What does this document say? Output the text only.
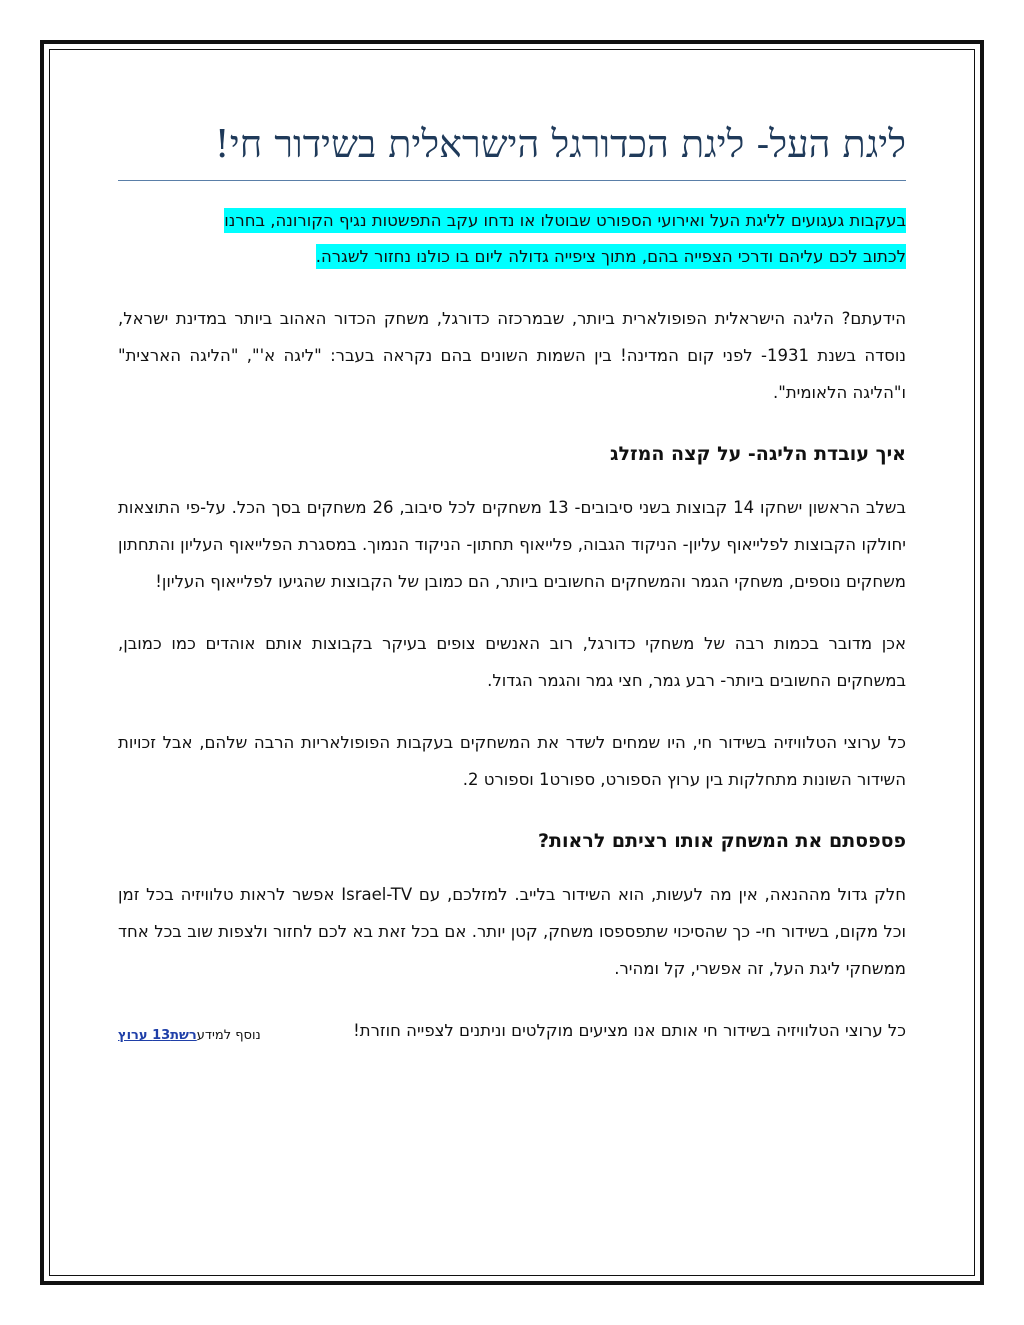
ליגת העל- ליגת הכדורגל הישראלית בשידור חי!
בעקבות געגועים לליגת העל ואירועי הספורט שבוטלו או נדחו עקב התפשטות נגיף הקורונה, בחרנו
לכתוב לכם עליהם ודרכי הצפייה בהם, מתוך ציפייה גדולה ליום בו כולנו נחזור לשגרה.

הידעתם? הליגה הישראלית הפופולארית ביותר, שבמרכזה כדורגל, משחק הכדור האהוב ביותר במדינת ישראל, נוסדה בשנת 1931- לפני קום המדינה! בין השמות השונים בהם נקראה בעבר: "ליגה א'", "הליגה הארצית" ו"הליגה הלאומית".

איך עובדת הליגה- על קצה המזלג

בשלב הראשון ישחקו 14 קבוצות בשני סיבובים- 13 משחקים לכל סיבוב, 26 משחקים בסך הכל. על-פי התוצאות יחולקו הקבוצות לפלייאוף עליון- הניקוד הגבוה, פלייאוף תחתון- הניקוד הנמוך. במסגרת הפלייאוף העליון והתחתון משחקים נוספים, משחקי הגמר והמשחקים החשובים ביותר, הם כמובן של הקבוצות שהגיעו לפלייאוף העליון!

אכן מדובר בכמות רבה של משחקי כדורגל, רוב האנשים צופים בעיקר בקבוצות אותם אוהדים כמו כמובן, במשחקים החשובים ביותר- רבע גמר, חצי גמר והגמר הגדול.

כל ערוצי הטלוויזיה בשידור חי, היו שמחים לשדר את המשחקים בעקבות הפופולאריות הרבה שלהם, אבל זכויות השידור השונות מתחלקות בין ערוץ הספורט, ספורט1 וספורט 2.

פספסתם את המשחק אותו רציתם לראות?

חלק גדול מההנאה, אין מה לעשות, הוא השידור בלייב. למזלכם, עם Israel-TV אפשר לראות טלוויזיה בכל זמן וכל מקום, בשידור חי- כך שהסיכוי שתפספסו משחק, קטן יותר. אם בכל זאת בא לכם לחזור ולצפות שוב בכל אחד ממשחקי ליגת העל, זה אפשרי, קל ומהיר.

כל ערוצי הטלוויזיה בשידור חי אותם אנו מציעים מוקלטים וניתנים לצפייה חוזרת!

נוסף למידערשת13 ערוץ
